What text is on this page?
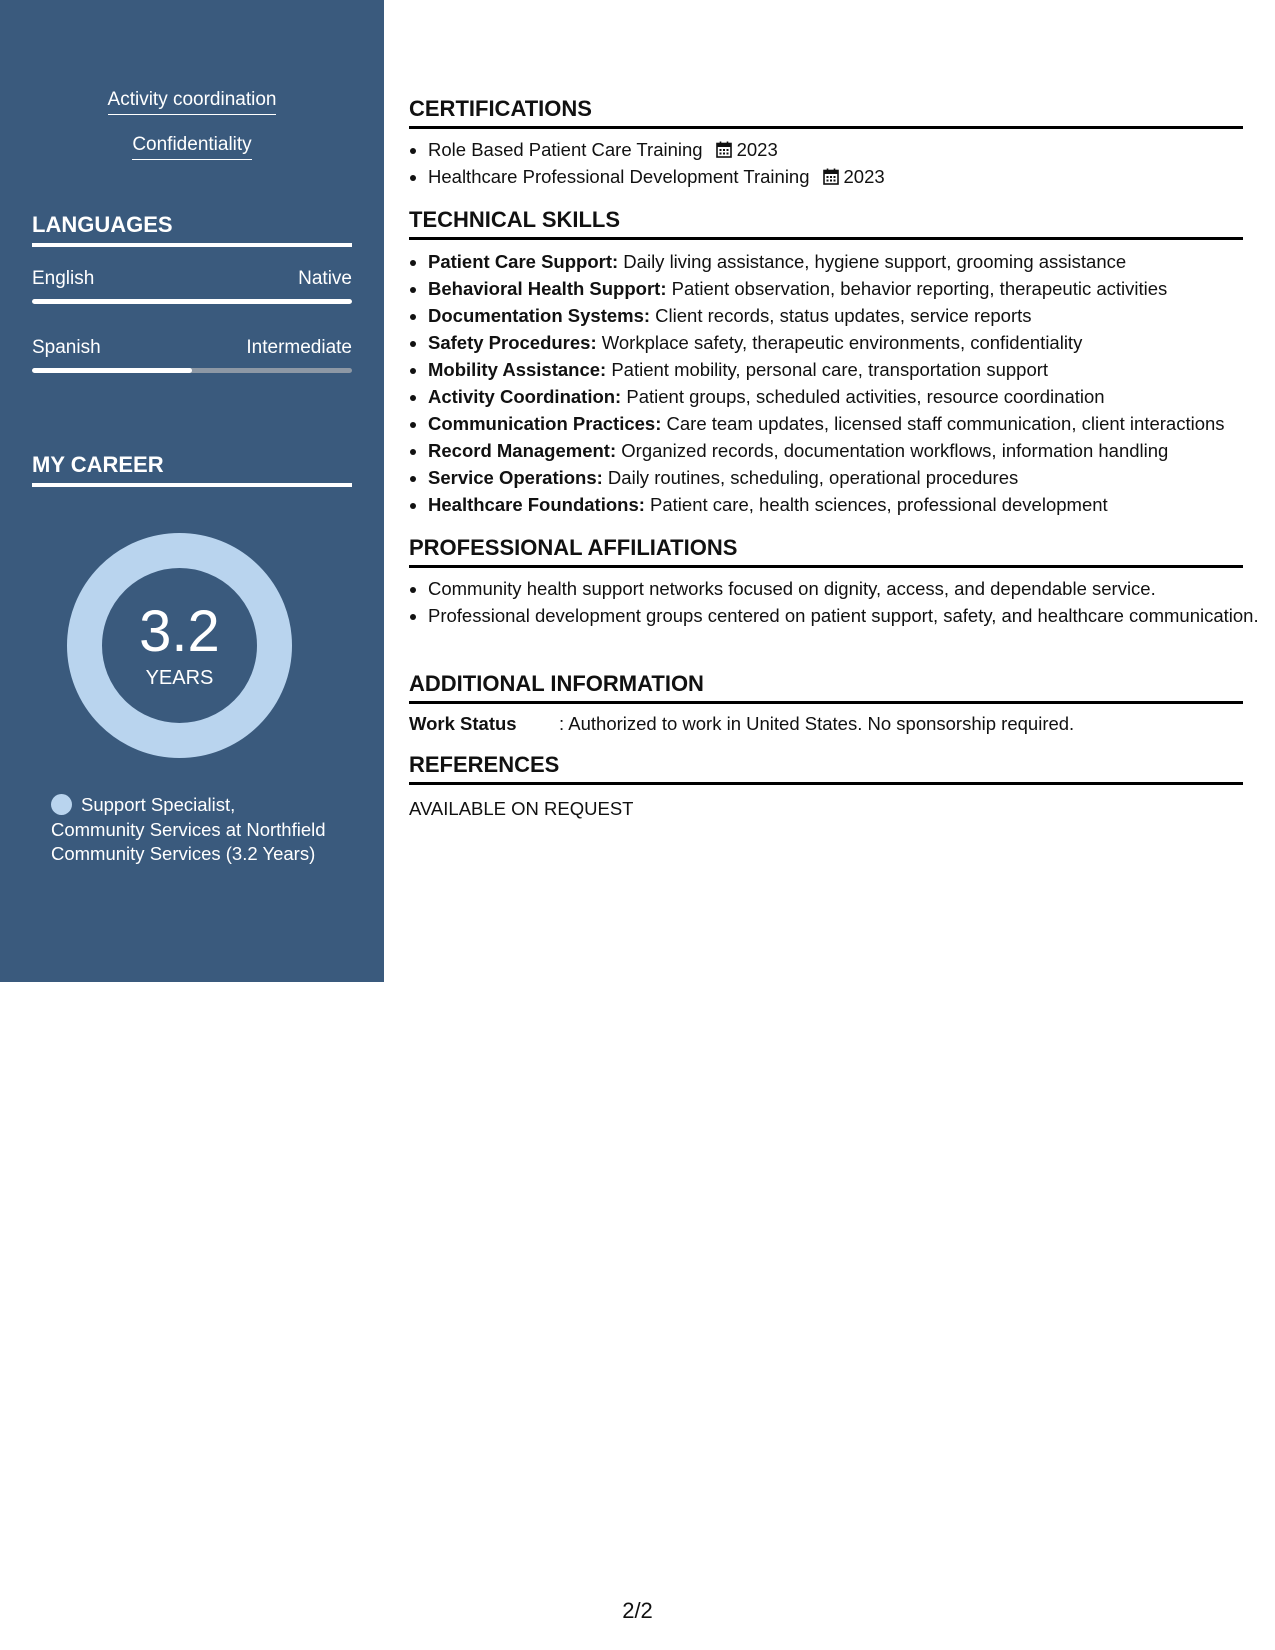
Activity coordination
Confidentiality
LANGUAGES
English	Native
Spanish	Intermediate
MY CAREER
3.2
YEARS
Support Specialist, Community Services at Northfield Community Services (3.2 Years)
CERTIFICATIONS
• Role Based Patient Care Training 2023
• Healthcare Professional Development Training 2023
TECHNICAL SKILLS
• Patient Care Support: Daily living assistance, hygiene support, grooming assistance
• Behavioral Health Support: Patient observation, behavior reporting, therapeutic activities
• Documentation Systems: Client records, status updates, service reports
• Safety Procedures: Workplace safety, therapeutic environments, confidentiality
• Mobility Assistance: Patient mobility, personal care, transportation support
• Activity Coordination: Patient groups, scheduled activities, resource coordination
• Communication Practices: Care team updates, licensed staff communication, client interactions
• Record Management: Organized records, documentation workflows, information handling
• Service Operations: Daily routines, scheduling, operational procedures
• Healthcare Foundations: Patient care, health sciences, professional development
PROFESSIONAL AFFILIATIONS
• Community health support networks focused on dignity, access, and dependable service.
• Professional development groups centered on patient support, safety, and healthcare communication.
ADDITIONAL INFORMATION
Work Status : Authorized to work in United States. No sponsorship required.
REFERENCES
AVAILABLE ON REQUEST
2/2
